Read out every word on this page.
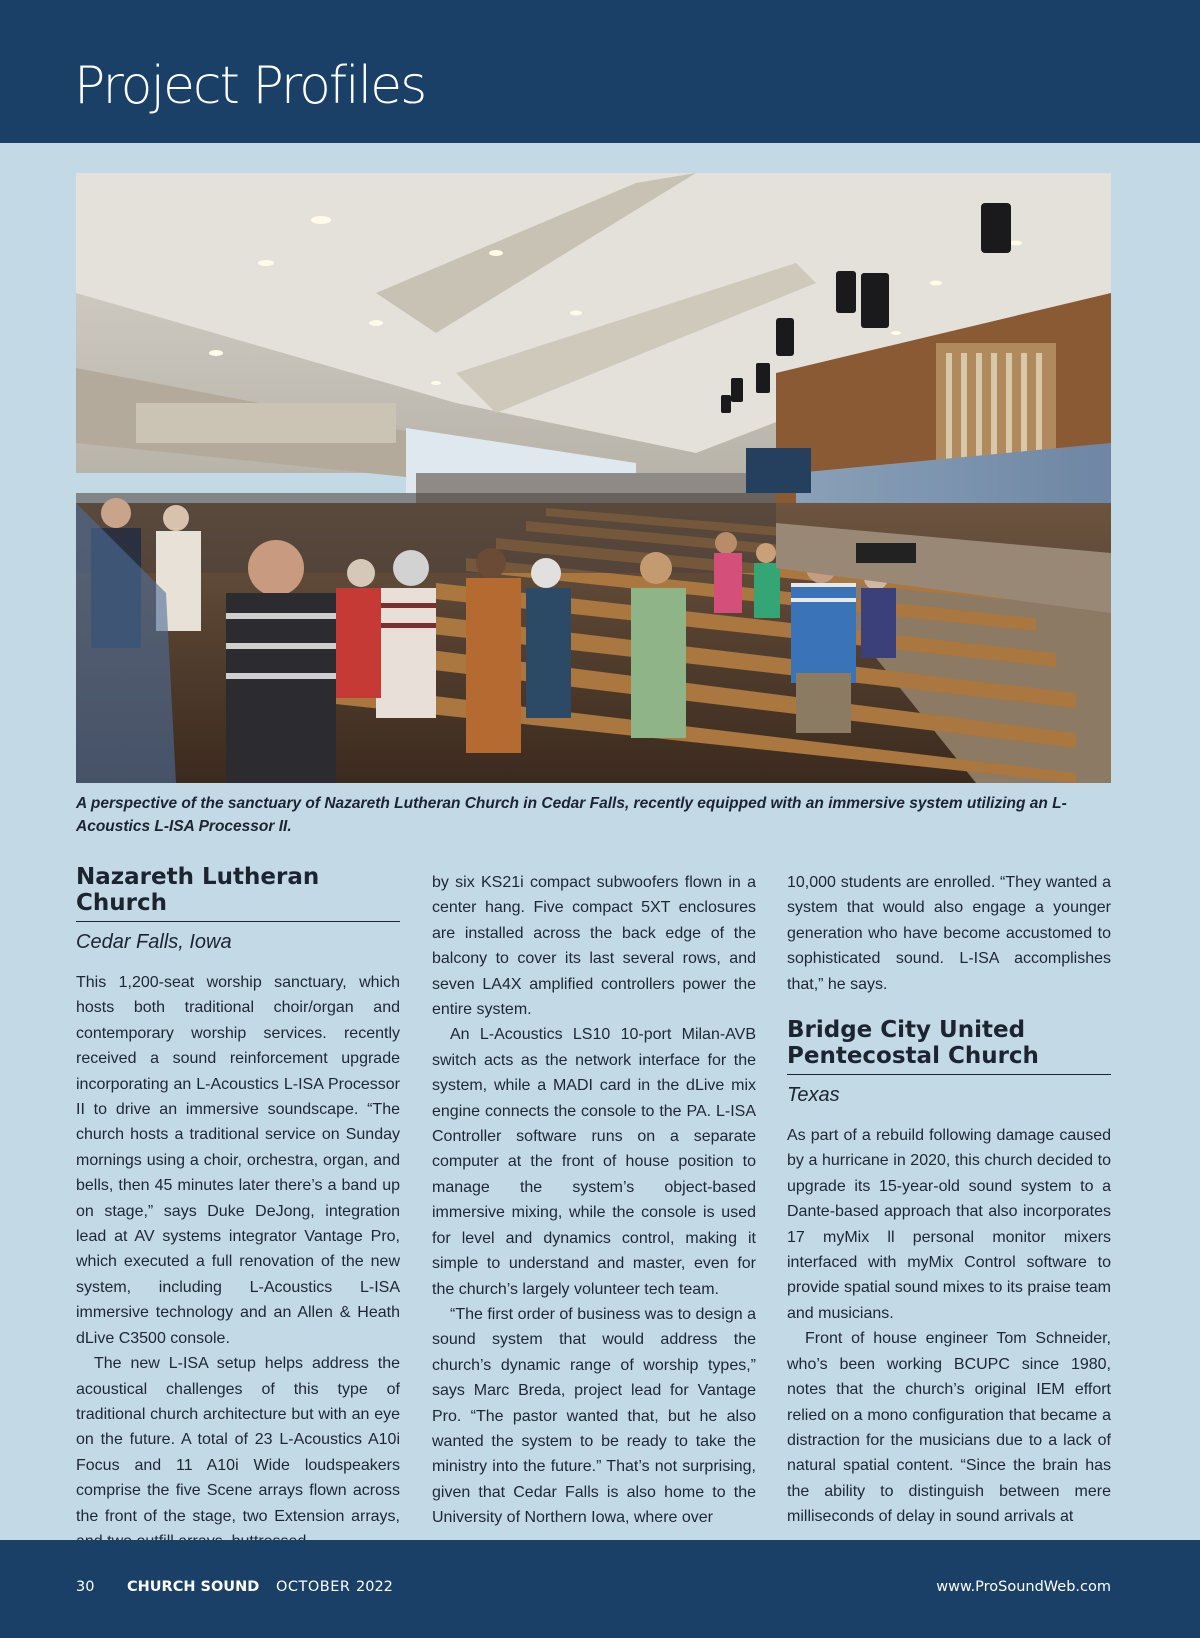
Project Profiles

A perspective of the sanctuary of Nazareth Lutheran Church in Cedar Falls, recently equipped with an immersive system utilizing an L-Acoustics L-ISA Processor II.

Nazareth Lutheran Church
Cedar Falls, Iowa

This 1,200-seat worship sanctuary, which hosts both traditional choir/organ and contemporary worship services. recently received a sound reinforcement upgrade incorporating an L-Acoustics L-ISA Processor II to drive an immersive soundscape. “The church hosts a traditional service on Sunday mornings using a choir, orchestra, organ, and bells, then 45 minutes later there’s a band up on stage,” says Duke DeJong, integration lead at AV systems integrator Vantage Pro, which executed a full renovation of the new system, including L-Acoustics L-ISA immersive technology and an Allen & Heath dLive C3500 console.

The new L-ISA setup helps address the acoustical challenges of this type of traditional church architecture but with an eye on the future. A total of 23 L-Acoustics A10i Focus and 11 A10i Wide loudspeakers comprise the five Scene arrays flown across the front of the stage, two Extension arrays,

by six KS21i compact subwoofers flown in a center hang. Five compact 5XT enclosures are installed across the back edge of the balcony to cover its last several rows, and seven LA4X amplified controllers power the entire system.

An L-Acoustics LS10 10-port Milan-AVB switch acts as the network interface for the system, while a MADI card in the dLive mix engine connects the console to the PA. L-ISA Controller software runs on a separate computer at the front of house position to manage the system’s object-based immersive mixing, while the console is used for level and dynamics control, making it simple to understand and master, even for the church’s largely volunteer tech team.

“The first order of business was to design a sound system that would address the church’s dynamic range of worship types,” says Marc Breda, project lead for Vantage Pro. “The pastor wanted that, but he also wanted the system to be ready to take the ministry into the future.” That’s not surprising, given that Cedar Falls is also home to the University of Northern Iowa, where over

10,000 students are enrolled. “They wanted a system that would also engage a younger generation who have become accustomed to sophisticated sound. L-ISA accomplishes that,” he says.

Bridge City United Pentecostal Church
Texas

As part of a rebuild following damage caused by a hurricane in 2020, this church decided to upgrade its 15-year-old sound system to a Dante-based approach that also incorporates 17 myMix ll personal monitor mixers interfaced with myMix Control software to provide spatial sound mixes to its praise team and musicians.

Front of house engineer Tom Schneider, who’s been working BCUPC since 1980, notes that the church’s original IEM effort relied on a mono configuration that became a distraction for the musicians due to a lack of natural spatial content. “Since the brain has the ability to distinguish between mere milliseconds of delay in sound arrivals at

30 CHURCH SOUND OCTOBER 2022	www.ProSoundWeb.com
